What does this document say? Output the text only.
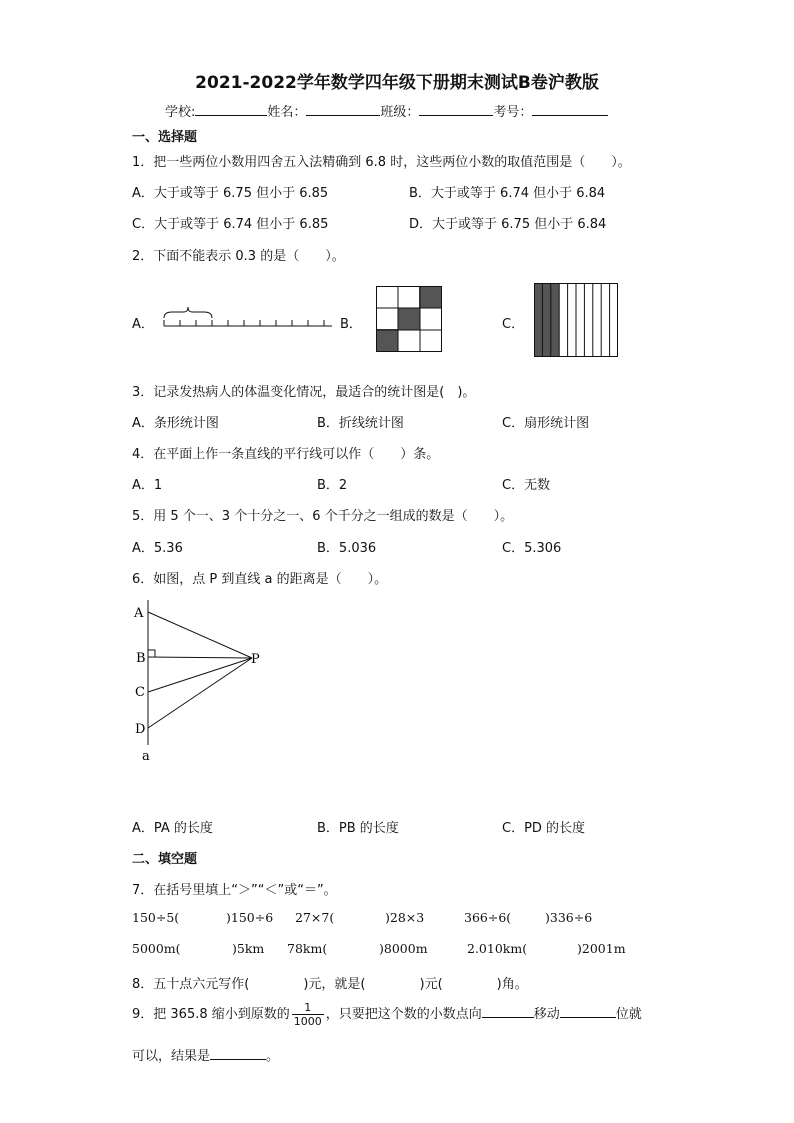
2021-2022学年数学四年级下册期末测试B卷沪教版
学校:	姓名：	班级：	考号：
一、选择题
1．把一些两位小数用四舍五入法精确到 6.8 时，这些两位小数的取值范围是（　　）。
A．大于或等于 6.75 但小于 6.85	B．大于或等于 6.74 但小于 6.84
C．大于或等于 6.74 但小于 6.85	D．大于或等于 6.75 但小于 6.84
2．下面不能表示 0.3 的是（　　）。
A．	B．	C．
3．记录发热病人的体温变化情况，最适合的统计图是(　)。
A．条形统计图	B．折线统计图	C．扇形统计图
4．在平面上作一条直线的平行线可以作（　　）条。
A．1	B．2	C．无数
5．用 5 个一、3 个十分之一、6 个千分之一组成的数是（　　）。
A．5.36	B．5.036	C．5.306
6．如图，点 P 到直线 a 的距离是（　　）。
A
B
C
D
P
a
A．PA 的长度	B．PB 的长度	C．PD 的长度
二、填空题
7．在括号里填上“＞”“＜”或“＝”。
150÷5(	)150÷6 27×7(	)28×3	366÷6(	)336÷6
5000m(	)5km 78km(	)8000m	2.010km(	)2001m
8．五十点六元写作(	)元，就是(	)元(	)角。
9．把 365.8 缩小到原数的 $\frac{1}{1000}$ ，只要把这个数的小数点向	移动	位就
可以，结果是	。
